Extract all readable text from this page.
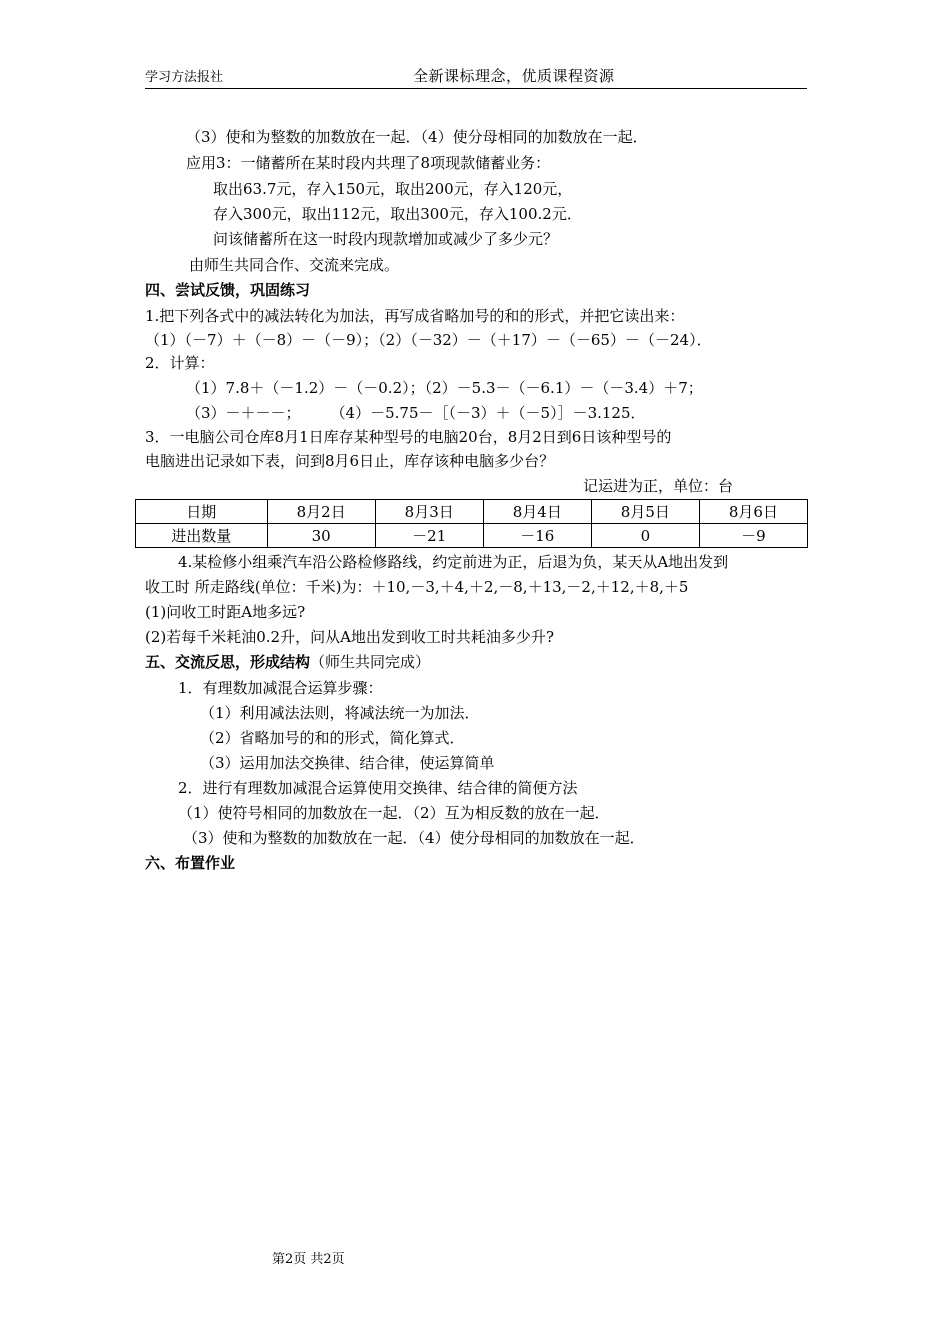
学习方法报社	全新课标理念，优质课程资源
（3）使和为整数的加数放在一起．（4）使分母相同的加数放在一起．
应用3：一储蓄所在某时段内共理了8项现款储蓄业务：
取出63.7元，存入150元，取出200元，存入120元，
存入300元，取出112元，取出300元，存入100.2元．
问该储蓄所在这一时段内现款增加或减少了多少元？
由师生共同合作、交流来完成。
四、尝试反馈，巩固练习
1.把下列各式中的减法转化为加法，再写成省略加号的和的形式，并把它读出来：
（1）（－7）＋（－8）－（－9）；（2）（－32）－（＋17）－（－65）－（－24）．
2．计算：
（1）7.8＋（－1.2）－（－0.2）；（2）－5.3－（－6.1）－（－3.4）＋7；
（3）－＋－－；　　　（4）－5.75－［（－3）＋（－5）］－3.125．
3．一电脑公司仓库8月1日库存某种型号的电脑20台，8月2日到6日该种型号的
电脑进出记录如下表，问到8月6日止，库存该种电脑多少台？
记运进为正，单位：台
日期	8月2日	8月3日	8月4日	8月5日	8月6日
进出数量	30	－21	－16	0	－9
4.某检修小组乘汽车沿公路检修路线，约定前进为正，后退为负，某天从A地出发到
收工时 所走路线(单位：千米)为：＋10,－3,＋4,＋2,－8,＋13,－2,＋12,＋8,＋5
(1)问收工时距A地多远?
(2)若每千米耗油0.2升，问从A地出发到收工时共耗油多少升?
五、交流反思，形成结构（师生共同完成）
1．有理数加减混合运算步骤：
（1）利用减法法则，将减法统一为加法．
（2）省略加号的和的形式，简化算式．
（3）运用加法交换律、结合律，使运算简单
2．进行有理数加减混合运算使用交换律、结合律的简便方法
（1）使符号相同的加数放在一起．（2）互为相反数的放在一起．
（3）使和为整数的加数放在一起．（4）使分母相同的加数放在一起．
六、布置作业
第2页 共2页
